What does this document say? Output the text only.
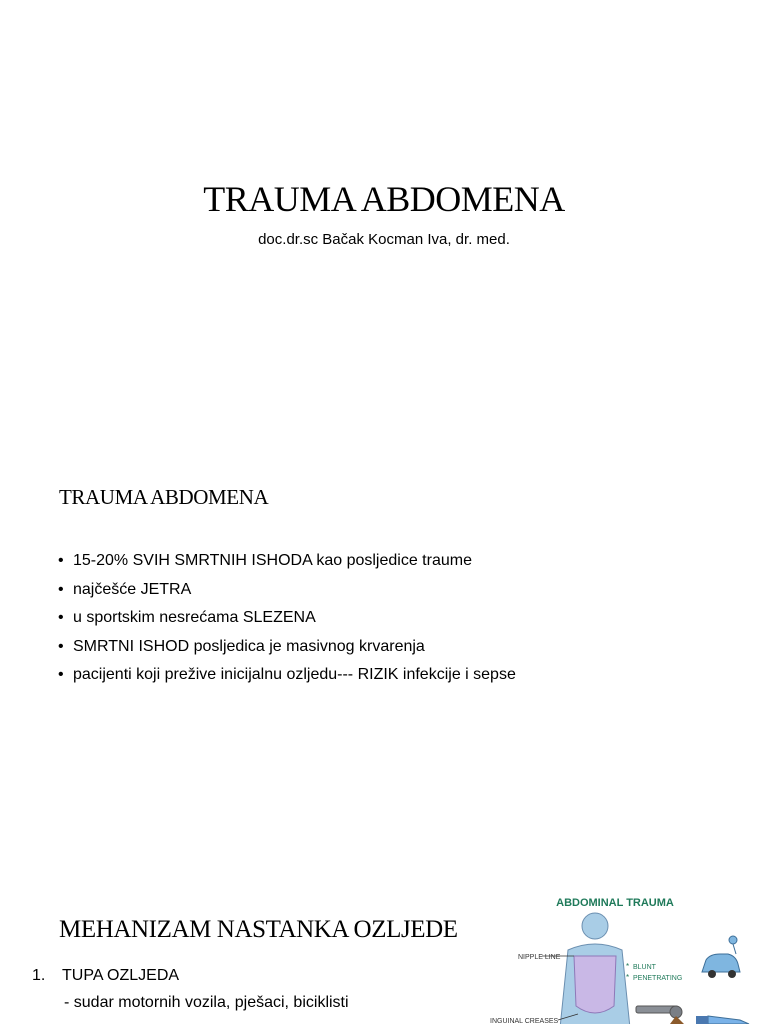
TRAUMA ABDOMENA
doc.dr.sc Bačak Kocman Iva, dr. med.
TRAUMA ABDOMENA
• 15-20% SVIH SMRTNIH ISHODA kao posljedice traume
• najčešće JETRA
• u sportskim nesrećama SLEZENA
• SMRTNI ISHOD posljedica je masivnog krvarenja
• pacijenti koji prežive inicijalnu ozljedu--- RIZIK infekcije i sepse
MEHANIZAM NASTANKA OZLJEDE
1. TUPA OZLJEDA
- sudar motornih vozila, pješaci, biciklisti
ABDOMINAL TRAUMA
NIPPLE LINE
INGUINAL CREASES
* BLUNT
* PENETRATING
